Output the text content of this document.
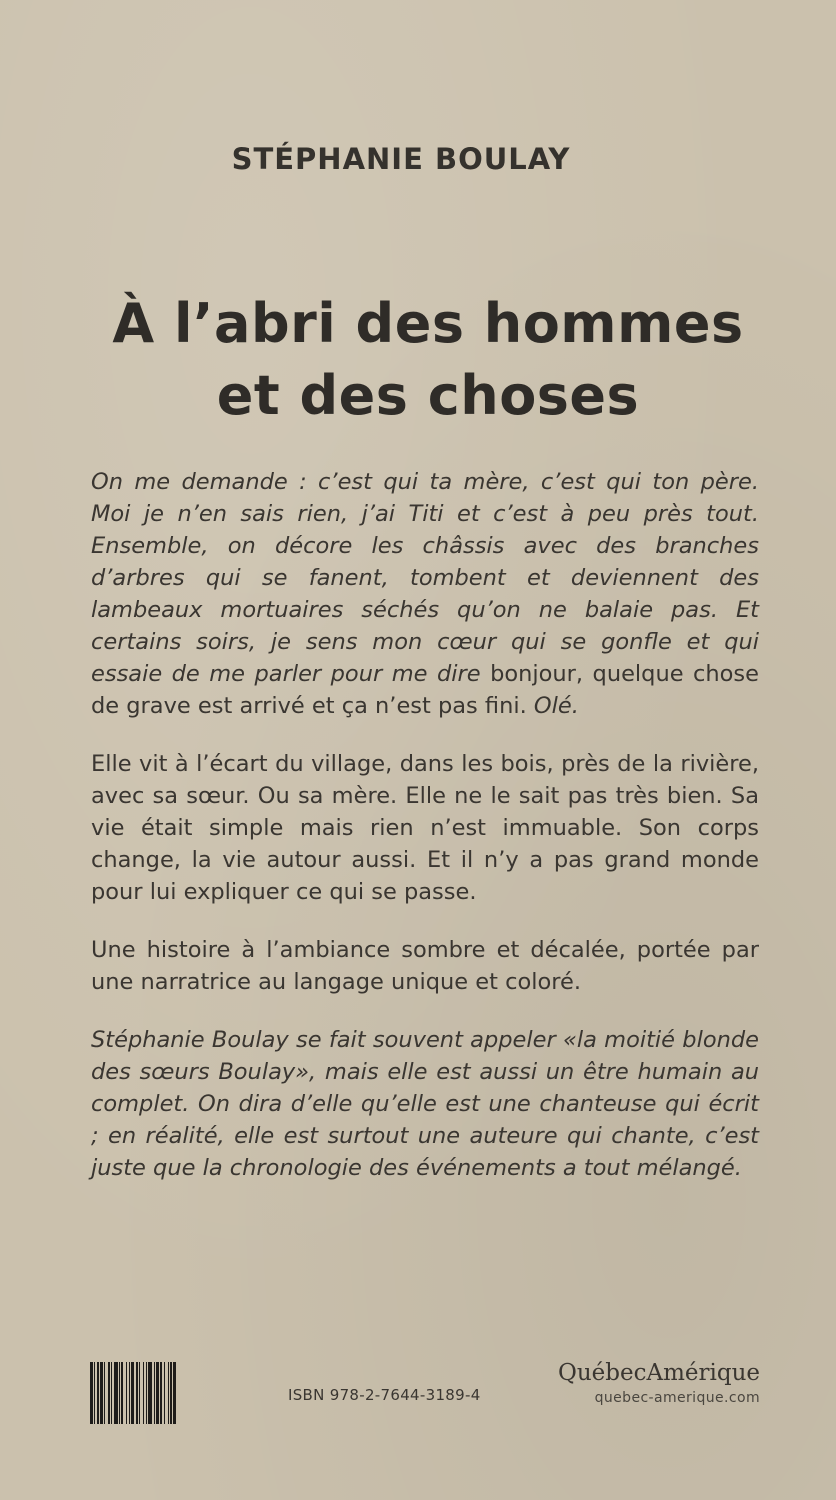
STÉPHANIE BOULAY
À l’abri des hommes
et des choses

On me demande : c’est qui ta mère, c’est qui ton père. Moi je n’en sais rien, j’ai Titi et c’est à peu près tout. Ensemble, on décore les châssis avec des branches d’arbres qui se fanent, tombent et deviennent des lambeaux mortuaires séchés qu’on ne balaie pas. Et certains soirs, je sens mon cœur qui se gonfle et qui essaie de me parler pour me dire bonjour, quelque chose de grave est arrivé et ça n’est pas fini. Olé.

Elle vit à l’écart du village, dans les bois, près de la rivière, avec sa sœur. Ou sa mère. Elle ne le sait pas très bien. Sa vie était simple mais rien n’est immuable. Son corps change, la vie autour aussi. Et il n’y a pas grand monde pour lui expliquer ce qui se passe.

Une histoire à l’ambiance sombre et décalée, portée par une narratrice au langage unique et coloré.

Stéphanie Boulay se fait souvent appeler «la moitié blonde des sœurs Boulay», mais elle est aussi un être humain au complet. On dira d’elle qu’elle est une chanteuse qui écrit ; en réalité, elle est surtout une auteure qui chante, c’est juste que la chronologie des événements a tout mélangé.

ISBN 978-2-7644-3189-4
QuébecAmérique
quebec-amerique.com
